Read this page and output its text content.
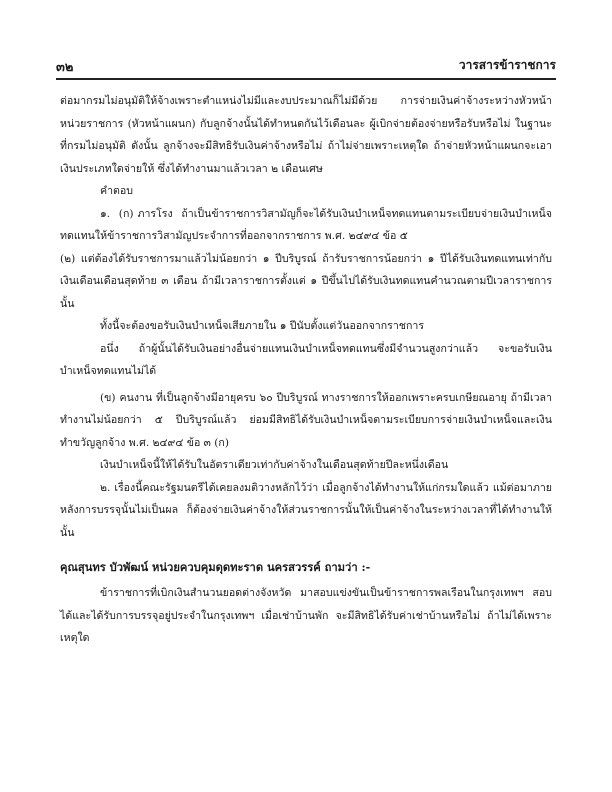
๓๒	วารสารข้าราชการ

ต่อมากรมไม่อนุมัติให้จ้างเพราะตำแหน่งไม่มีและงบประมาณก็ไม่มีด้วย การจ่ายเงินค่าจ้างระหว่างหัวหน้าหน่วยราชการ (หัวหน้าแผนก) กับลูกจ้างนั้นได้ทำหนดกันไว้เดือนละ ผู้เบิกจ่ายต้องจ่ายหรือรับหรือไม่ ในฐานะที่กรมไม่อนุมัติ ดังนั้น ลูกจ้างจะมีสิทธิรับเงินค่าจ้างหรือไม่ ถ้าไม่จ่ายเพราะเหตุใด ถ้าจ่ายหัวหน้าแผนกจะเอาเงินประเภทใดจ่ายให้ ซึ่งได้ทำงานมาแล้วเวลา ๒ เดือนเศษ

คำตอบ

๑. (ก) ภารโรง ถ้าเป็นข้าราชการวิสามัญก็จะได้รับเงินบำเหน็จทดแทนตามระเบียบจ่ายเงินบำเหน็จทดแทนให้ข้าราชการวิสามัญประจำการที่ออกจากราชการ พ.ศ. ๒๔๙๔ ข้อ ๕

(๒) แต่ต้องได้รับราชการมาแล้วไม่น้อยกว่า ๑ ปีบริบูรณ์ ถ้ารับราชการน้อยกว่า ๑ ปีได้รับเงินทดแทนเท่ากับเงินเดือนเดือนสุดท้าย ๓ เดือน ถ้ามีเวลาราชการตั้งแต่ ๑ ปีขึ้นไปได้รับเงินทดแทนคำนวณตามปีเวลาราชการนั้น

ทั้งนี้จะต้องขอรับเงินบำเหน็จเสียภายใน ๑ ปีนับตั้งแต่วันออกจากราชการ

อนึ่ง ถ้าผู้นั้นได้รับเงินอย่างอื่นจ่ายแทนเงินบำเหน็จทดแทนซึ่งมีจำนวนสูงกว่าแล้ว จะขอรับเงินบำเหน็จทดแทนไม่ได้

(ข) คนงาน ที่เป็นลูกจ้างมีอายุครบ ๖๐ ปีบริบูรณ์ ทางราชการให้ออกเพราะครบเกษียณอายุ ถ้ามีเวลาทำงานไม่น้อยกว่า ๕ ปีบริบูรณ์แล้ว ย่อมมีสิทธิได้รับเงินบำเหน็จตามระเบียบการจ่ายเงินบำเหน็จและเงินทำขวัญลูกจ้าง พ.ศ. ๒๔๙๔ ข้อ ๓ (ก)

เงินบำเหน็จนี้ให้ได้รับในอัตราเดียวเท่ากับค่าจ้างในเดือนสุดท้ายปีละหนึ่งเดือน

๒. เรื่องนี้คณะรัฐมนตรีได้เคยลงมติวางหลักไว้ว่า เมื่อลูกจ้างได้ทำงานให้แก่กรมใดแล้ว แม้ต่อมาภายหลังการบรรจุนั้นไม่เป็นผล ก็ต้องจ่ายเงินค่าจ้างให้ส่วนราชการนั้นให้เป็นค่าจ้างในระหว่างเวลาที่ได้ทำงานให้นั้น

คุณสุนทร บัวพัฒน์ หน่วยควบคุมดุดทะราด นครสวรรค์ ถามว่า :-

ข้าราชการที่เบิกเงินสำนวนยอดต่างจังหวัด มาสอบแข่งขันเป็นข้าราชการพลเรือนในกรุงเทพฯ สอบได้และได้รับการบรรจุอยู่ประจำในกรุงเทพฯ เมื่อเช่าบ้านพัก จะมีสิทธิได้รับค่าเช่าบ้านหรือไม่ ถ้าไม่ได้เพราะเหตุใด
